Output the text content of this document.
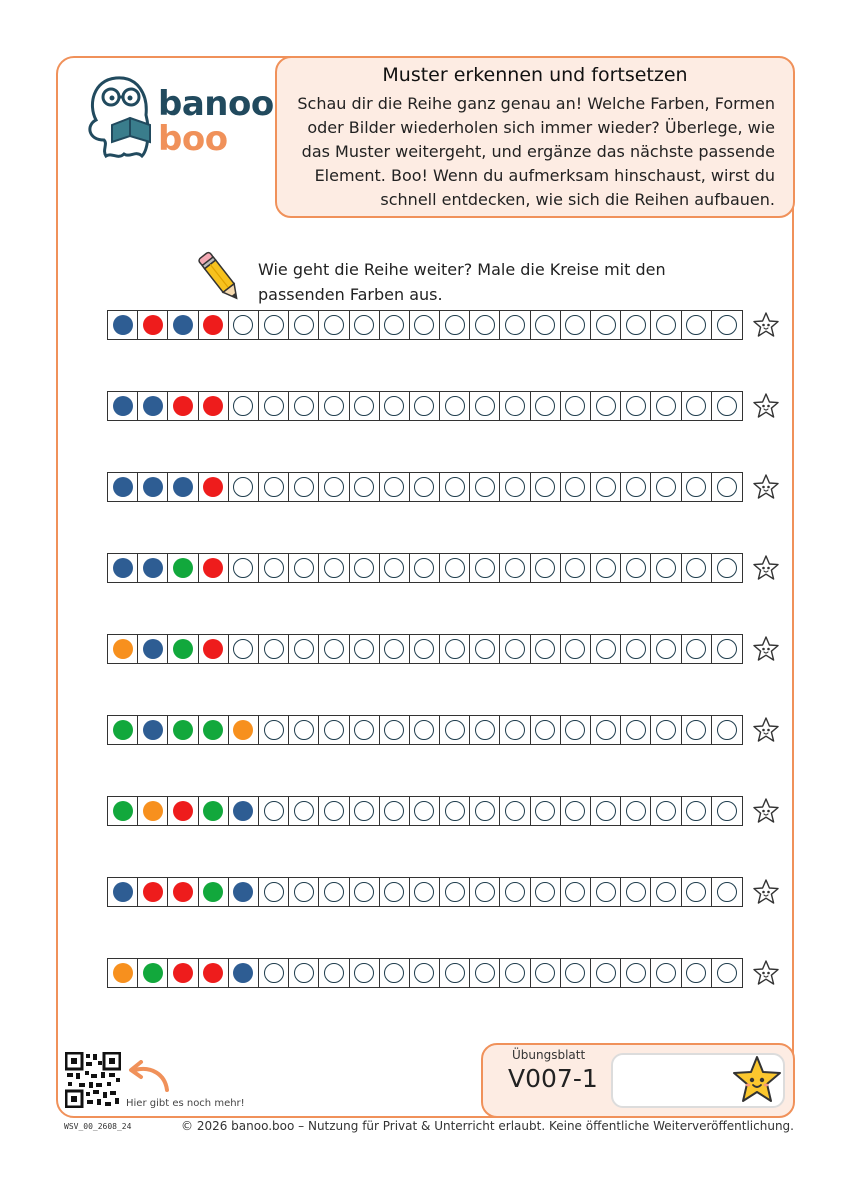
banoo
boo
Muster erkennen und fortsetzen
Schau dir die Reihe ganz genau an! Welche Farben, Formen oder Bilder wiederholen sich immer wieder? Überlege, wie das Muster weitergeht, und ergänze das nächste passende Element. Boo! Wenn du aufmerksam hinschaust, wirst du schnell entdecken, wie sich die Reihen aufbauen.
Wie geht die Reihe weiter? Male die Kreise mit den passenden Farben aus.
Hier gibt es noch mehr!
Übungsblatt
V007-1
WSV_00_2608_24	© 2026 banoo.boo – Nutzung für Privat & Unterricht erlaubt. Keine öffentliche Weiterveröffentlichung.
